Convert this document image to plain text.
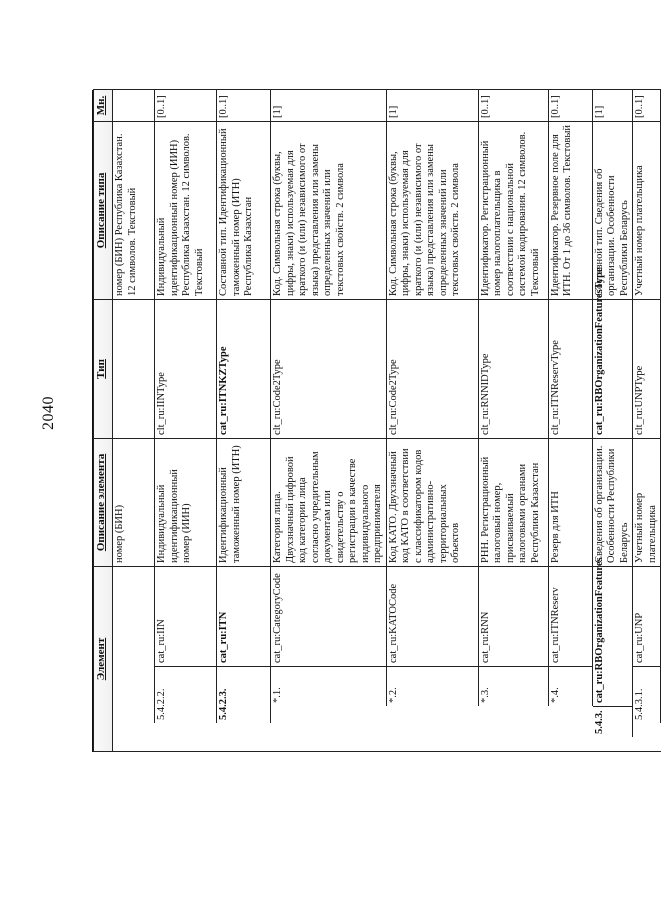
2040
Элемент					Описание элемента	Тип	Описание типа	Мн.
					номер (БИН)		номер (БИН) Республика Казахстан. 12 символов. Текстовый	
		5.4.2.2.		cat_ru:IIN	Индивидуальный идентификационный номер (ИИН)	clt_ru:IINType	Индивидуальный идентификационный номер (ИИН) Республика Казахстан. 12 символов. Текстовый	[0..1]
		5.4.2.3.		cat_ru:ITN	Идентификационный таможенный номер (ИТН)	cat_ru:ITNKZType	Составной тип. Идентификационный таможенный номер (ИТН) Республика Казахстан	[0..1]
			*.1.	cat_ru:CategoryCode	Категория лица. Двухзначный цифровой код категории лица согласно учредительным документам или свидетельству о регистрации в качестве индивидуального предпринимателя	clt_ru:Code2Type	Код. Символьная строка (буквы, цифры, знаки) используемая для краткого (и (или) независимого от языка) представления или замены определенных значений или текстовых свойств. 2 символа	[1]
			*.2.	cat_ru:KATOCode	Код КАТО. Двухзначный код КАТО в соответствии с классификатором кодов административно-территориальных объектов	clt_ru:Code2Type	Код. Символьная строка (буквы, цифры, знаки) используемая для краткого (и (или) независимого от языка) представления или замены определенных значений или текстовых свойств. 2 символа	[1]
			*.3.	cat_ru:RNN	РНН. Регистрационный налоговый номер, присваиваемый налоговыми органами Республики Казахстан	clt_ru:RNNIDType	Идентификатор. Регистрационный номер налогоплательщика в соответствии с национальной системой кодирования. 12 символов. Текстовый	[0..1]
			*.4.	cat_ru:ITNReserv	Резерв для ИТН	clt_ru:ITNReservType	Идентификатор. Резервное поле для ИТН. От 1 до 36 символов. Текстовый	[0..1]
	5.4.3.		cat_ru:RBOrganizationFeatures		Сведения об организации. Особенности Республики Беларусь	cat_ru:RBOrganizationFeaturesType	Составной тип. Сведения об организации. Особенности Республики Беларусь	[1]
		5.4.3.1.		cat_ru:UNP	Учетный номер плательщика	clt_ru:UNPType	Учетный номер плательщика	[0..1]
